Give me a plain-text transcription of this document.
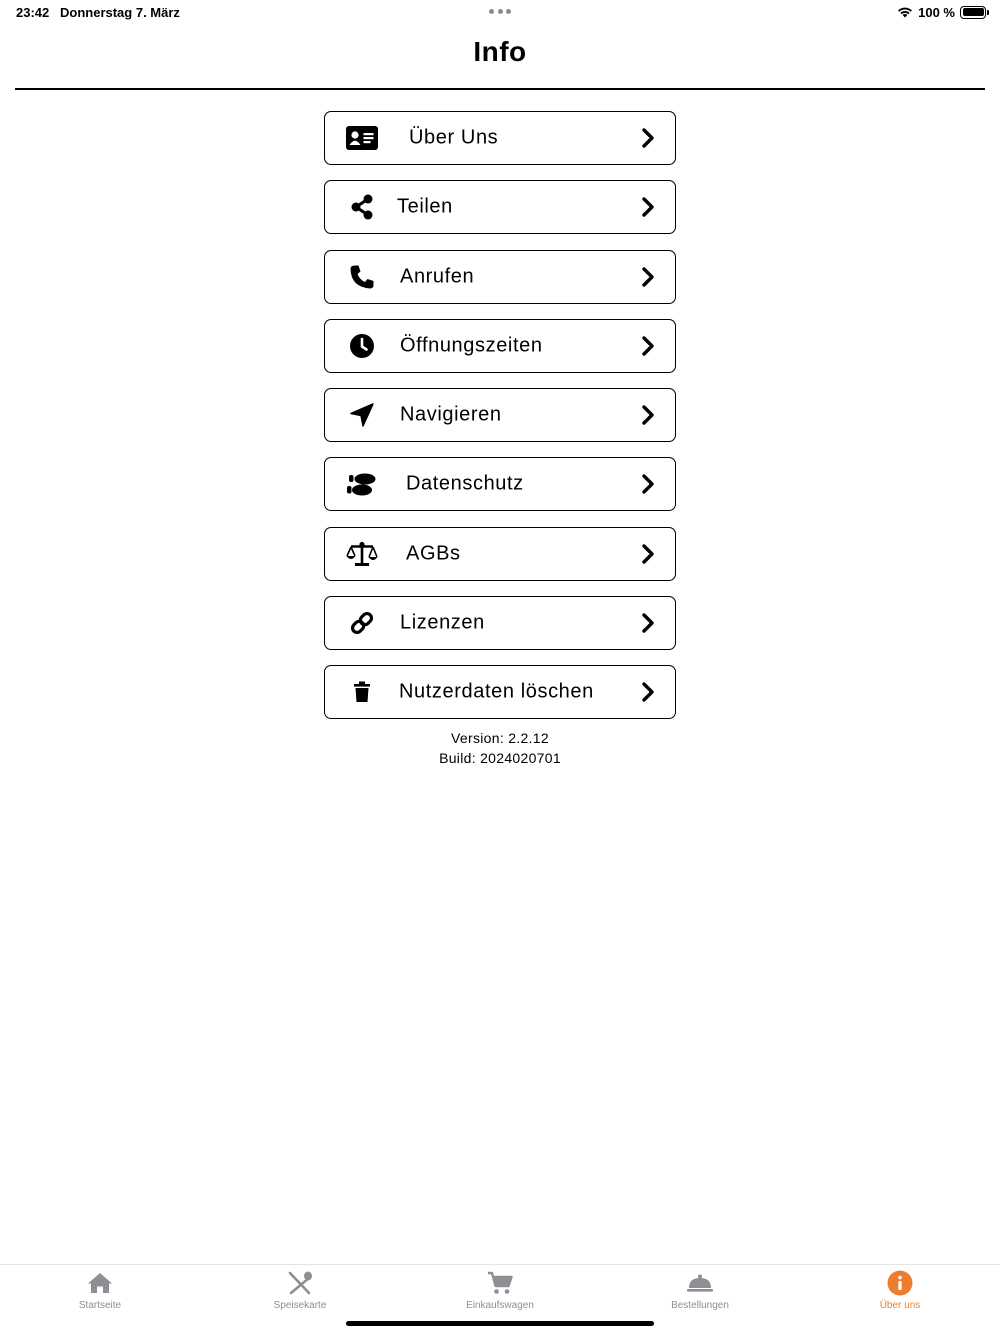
23:42 Donnerstag 7. März	100 %
Info
Über Uns
Teilen
Anrufen
Öffnungszeiten
Navigieren
Datenschutz
AGBs
Lizenzen
Nutzerdaten löschen
Version: 2.2.12
Build: 2024020701
Startseite	Speisekarte	Einkaufswagen	Bestellungen	Über uns
